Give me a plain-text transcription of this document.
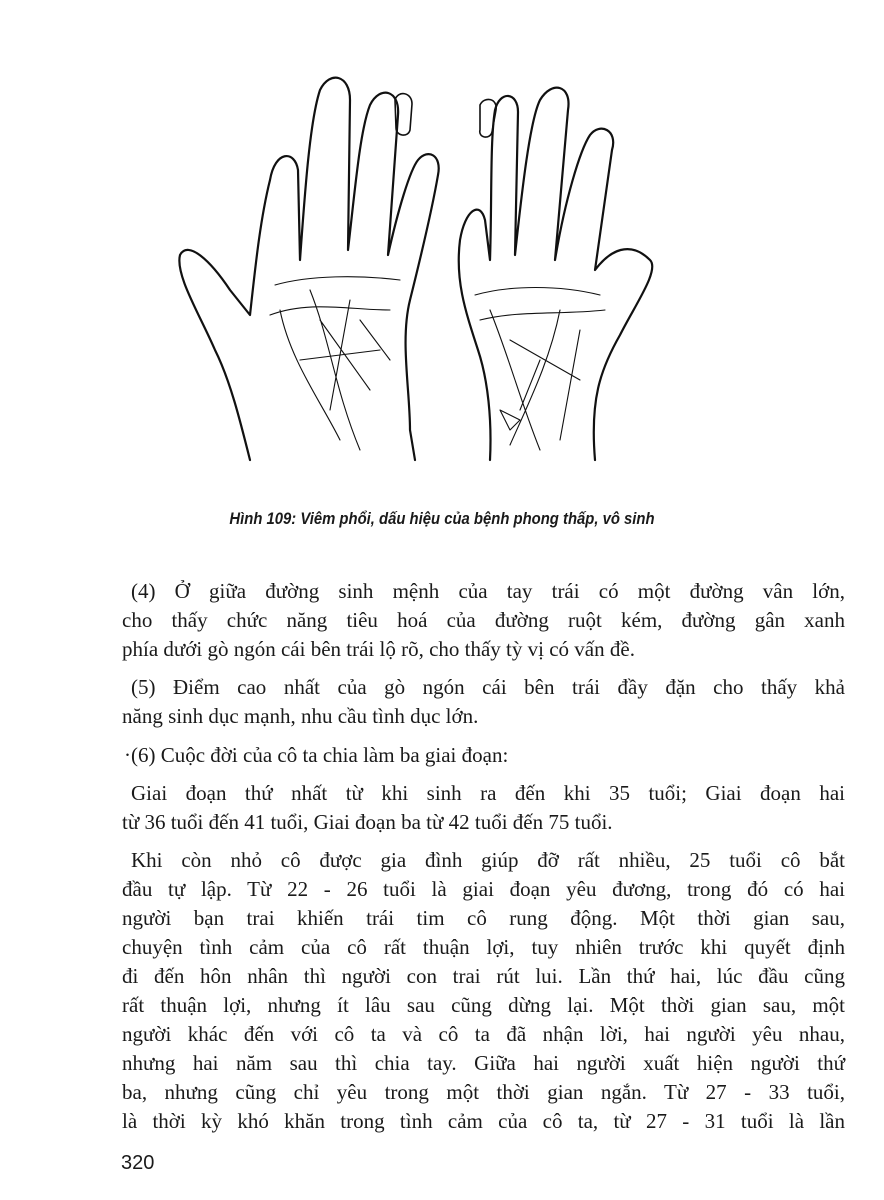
Hình 109: Viêm phổi, dấu hiệu của bệnh phong thấp, vô sinh
(4) Ở giữa đường sinh mệnh của tay trái có một đường vân lớn,
cho thấy chức năng tiêu hoá của đường ruột kém, đường gân xanh
phía dưới gò ngón cái bên trái lộ rõ, cho thấy tỳ vị có vấn đề.
(5) Điểm cao nhất của gò ngón cái bên trái đầy đặn cho thấy khả
năng sinh dục mạnh, nhu cầu tình dục lớn.
·(6) Cuộc đời của cô ta chia làm ba giai đoạn:
Giai đoạn thứ nhất từ khi sinh ra đến khi 35 tuổi; Giai đoạn hai
từ 36 tuổi đến 41 tuổi, Giai đoạn ba từ 42 tuổi đến 75 tuổi.
Khi còn nhỏ cô được gia đình giúp đỡ rất nhiều, 25 tuổi cô bắt
đầu tự lập. Từ 22 - 26 tuổi là giai đoạn yêu đương, trong đó có hai
người bạn trai khiến trái tim cô rung động. Một thời gian sau,
chuyện tình cảm của cô rất thuận lợi, tuy nhiên trước khi quyết định
đi đến hôn nhân thì người con trai rút lui. Lần thứ hai, lúc đầu cũng
rất thuận lợi, nhưng ít lâu sau cũng dừng lại. Một thời gian sau, một
người khác đến với cô ta và cô ta đã nhận lời, hai người yêu nhau,
nhưng hai năm sau thì chia tay. Giữa hai người xuất hiện người thứ
ba, nhưng cũng chỉ yêu trong một thời gian ngắn. Từ 27 - 33 tuổi,
là thời kỳ khó khăn trong tình cảm của cô ta, từ 27 - 31 tuổi là lần
320
